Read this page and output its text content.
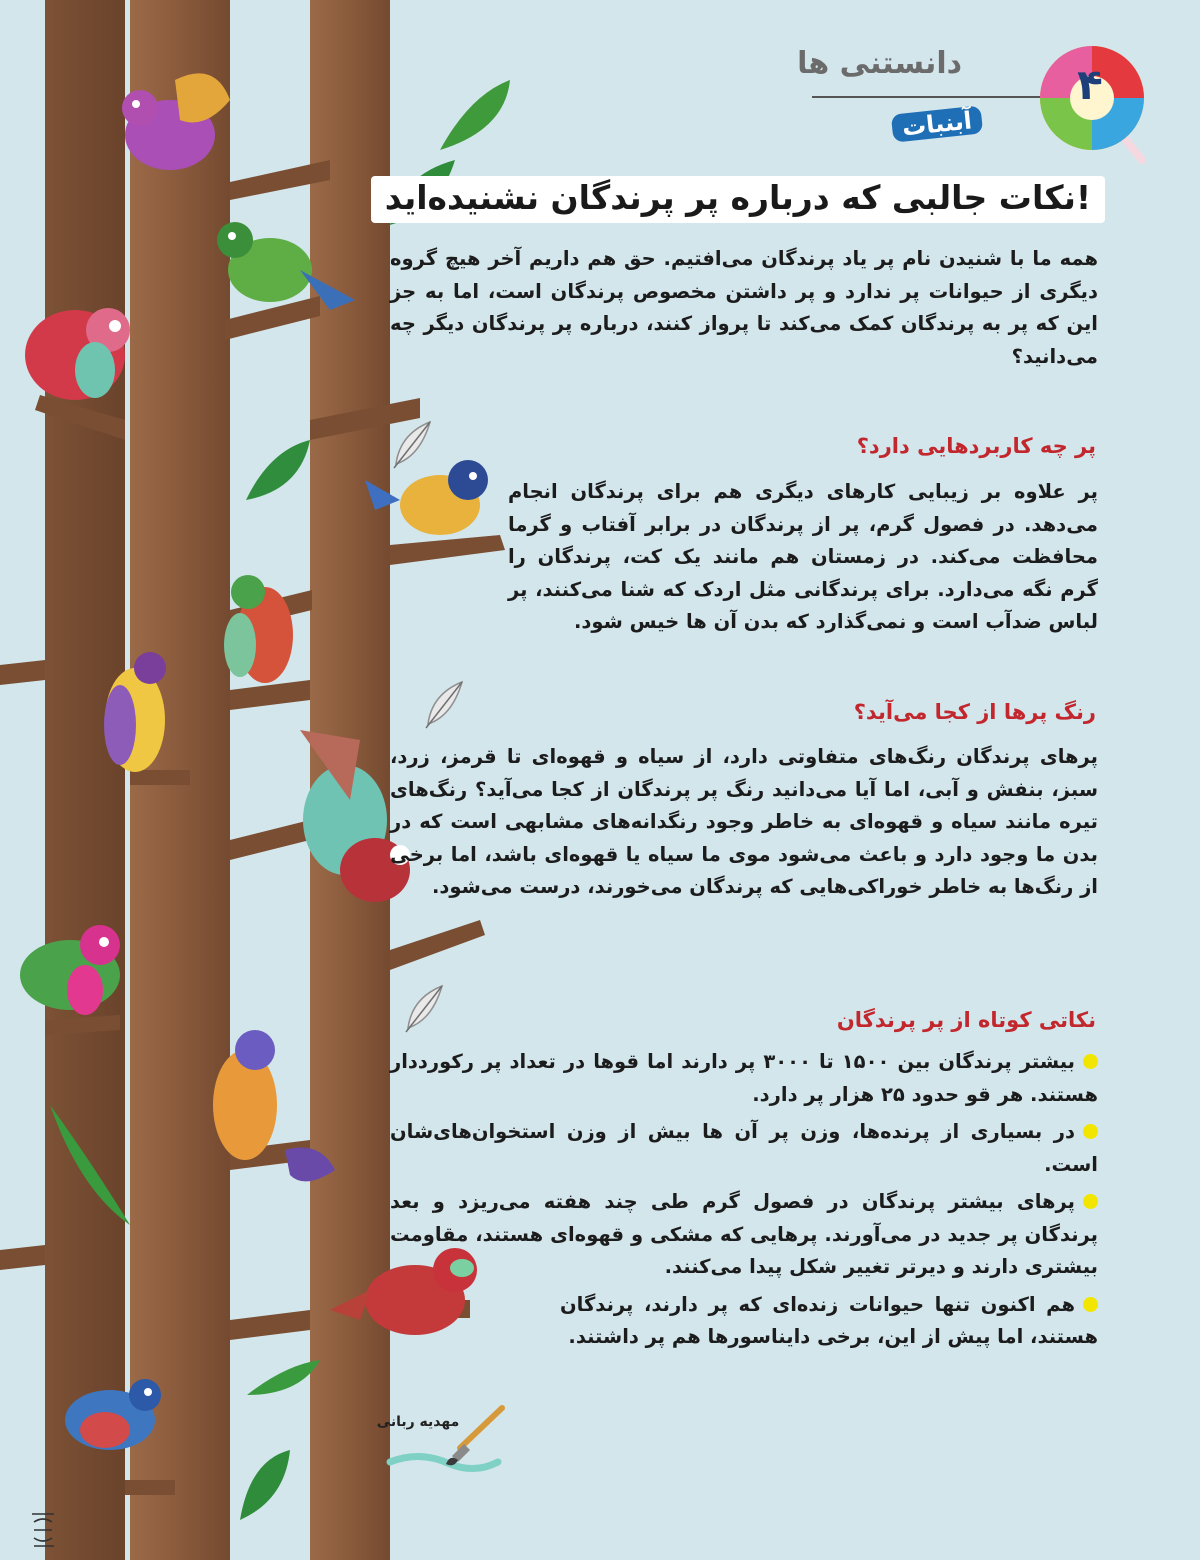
دانستنی ها
آبنبات
۴
نکات جالبی که درباره پر پرندگان نشنیده‌اید!

همه ما با شنیدن نام پر یاد پرندگان می‌افتیم. حق هم داریم آخر هیچ گروه دیگری از حیوانات پر ندارد و پر داشتن مخصوص پرندگان است، اما به جز این که پر به پرندگان کمک می‌کند تا پرواز کنند، درباره پر پرندگان دیگر چه می‌دانید؟

پر چه کاربردهایی دارد؟

پر علاوه بر زیبایی کارهای دیگری هم برای پرندگان انجام می‌دهد. در فصول گرم، پر از پرندگان در برابر آفتاب و گرما محافظت می‌کند. در زمستان هم مانند یک کت، پرندگان را گرم نگه می‌دارد. برای پرندگانی مثل اردک که شنا می‌کنند، پر لباس ضدآب است و نمی‌گذارد که بدن آن ها خیس شود.

رنگ پرها از کجا می‌آید؟

پرهای پرندگان رنگ‌های متفاوتی دارد، از سیاه و قهوه‌ای تا قرمز، زرد، سبز، بنفش و آبی، اما آیا می‌دانید رنگ پر پرندگان از کجا می‌آید؟ رنگ‌های تیره مانند سیاه و قهوه‌ای به خاطر وجود رنگدانه‌های مشابهی است که در بدن ما وجود دارد و باعث می‌شود موی ما سیاه یا قهوه‌ای باشد، اما برخی از رنگ‌ها به خاطر خوراکی‌هایی که پرندگان می‌خورند، درست می‌شود.

نکاتی کوتاه از پر پرندگان

بیشتر پرندگان بین ۱۵۰۰ تا ۳۰۰۰ پر دارند اما قوها در تعداد پر رکورددار هستند. هر قو حدود ۲۵ هزار پر دارد.

در بسیاری از پرنده‌ها، وزن پر آن ها بیش از وزن استخوان‌های‌شان است.

پرهای بیشتر پرندگان در فصول گرم طی چند هفته می‌ریزد و بعد پرندگان پر جدید در می‌آورند. پرهایی که مشکی و قهوه‌ای هستند، مقاومت بیشتری دارند و دیرتر تغییر شکل پیدا می‌کنند.

هم اکنون تنها حیوانات زنده‌ای که پر دارند، پرندگان هستند، اما پیش از این، برخی دایناسورها هم پر داشتند.

مهدیه ربانی
